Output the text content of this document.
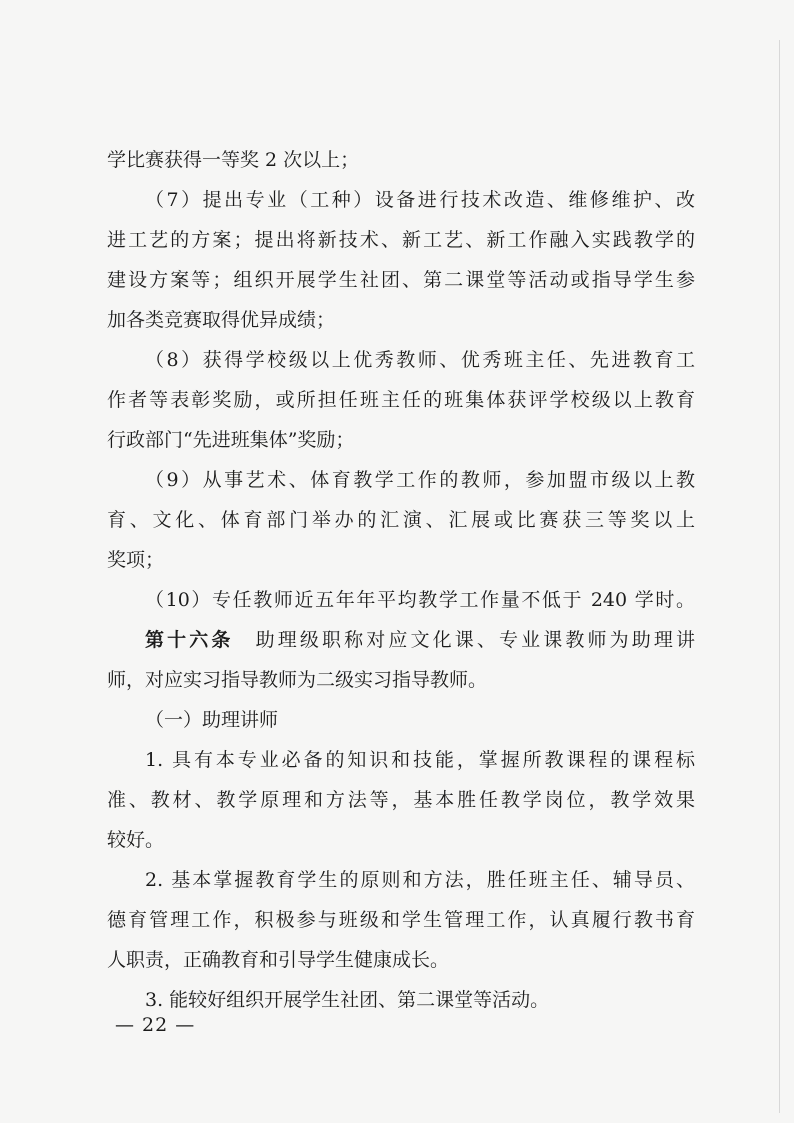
学比赛获得一等奖 2 次以上；
（7）提出专业（工种）设备进行技术改造、维修维护、改
进工艺的方案；提出将新技术、新工艺、新工作融入实践教学的
建设方案等；组织开展学生社团、第二课堂等活动或指导学生参
加各类竞赛取得优异成绩；
（8）获得学校级以上优秀教师、优秀班主任、先进教育工
作者等表彰奖励，或所担任班主任的班集体获评学校级以上教育
行政部门“先进班集体”奖励；
（9）从事艺术、体育教学工作的教师，参加盟市级以上教
育、文化、体育部门举办的汇演、汇展或比赛获三等奖以上
奖项；
（10）专任教师近五年年平均教学工作量不低于 240 学时。
第十六条　 助理级职称对应文化课、专业课教师为助理讲
师，对应实习指导教师为二级实习指导教师。
（一）助理讲师
1. 具有本专业必备的知识和技能，掌握所教课程的课程标
准、教材、教学原理和方法等，基本胜任教学岗位，教学效果
较好。
2. 基本掌握教育学生的原则和方法，胜任班主任、辅导员、
德育管理工作，积极参与班级和学生管理工作，认真履行教书育
人职责，正确教育和引导学生健康成长。
3. 能较好组织开展学生社团、第二课堂等活动。
— 22 —
